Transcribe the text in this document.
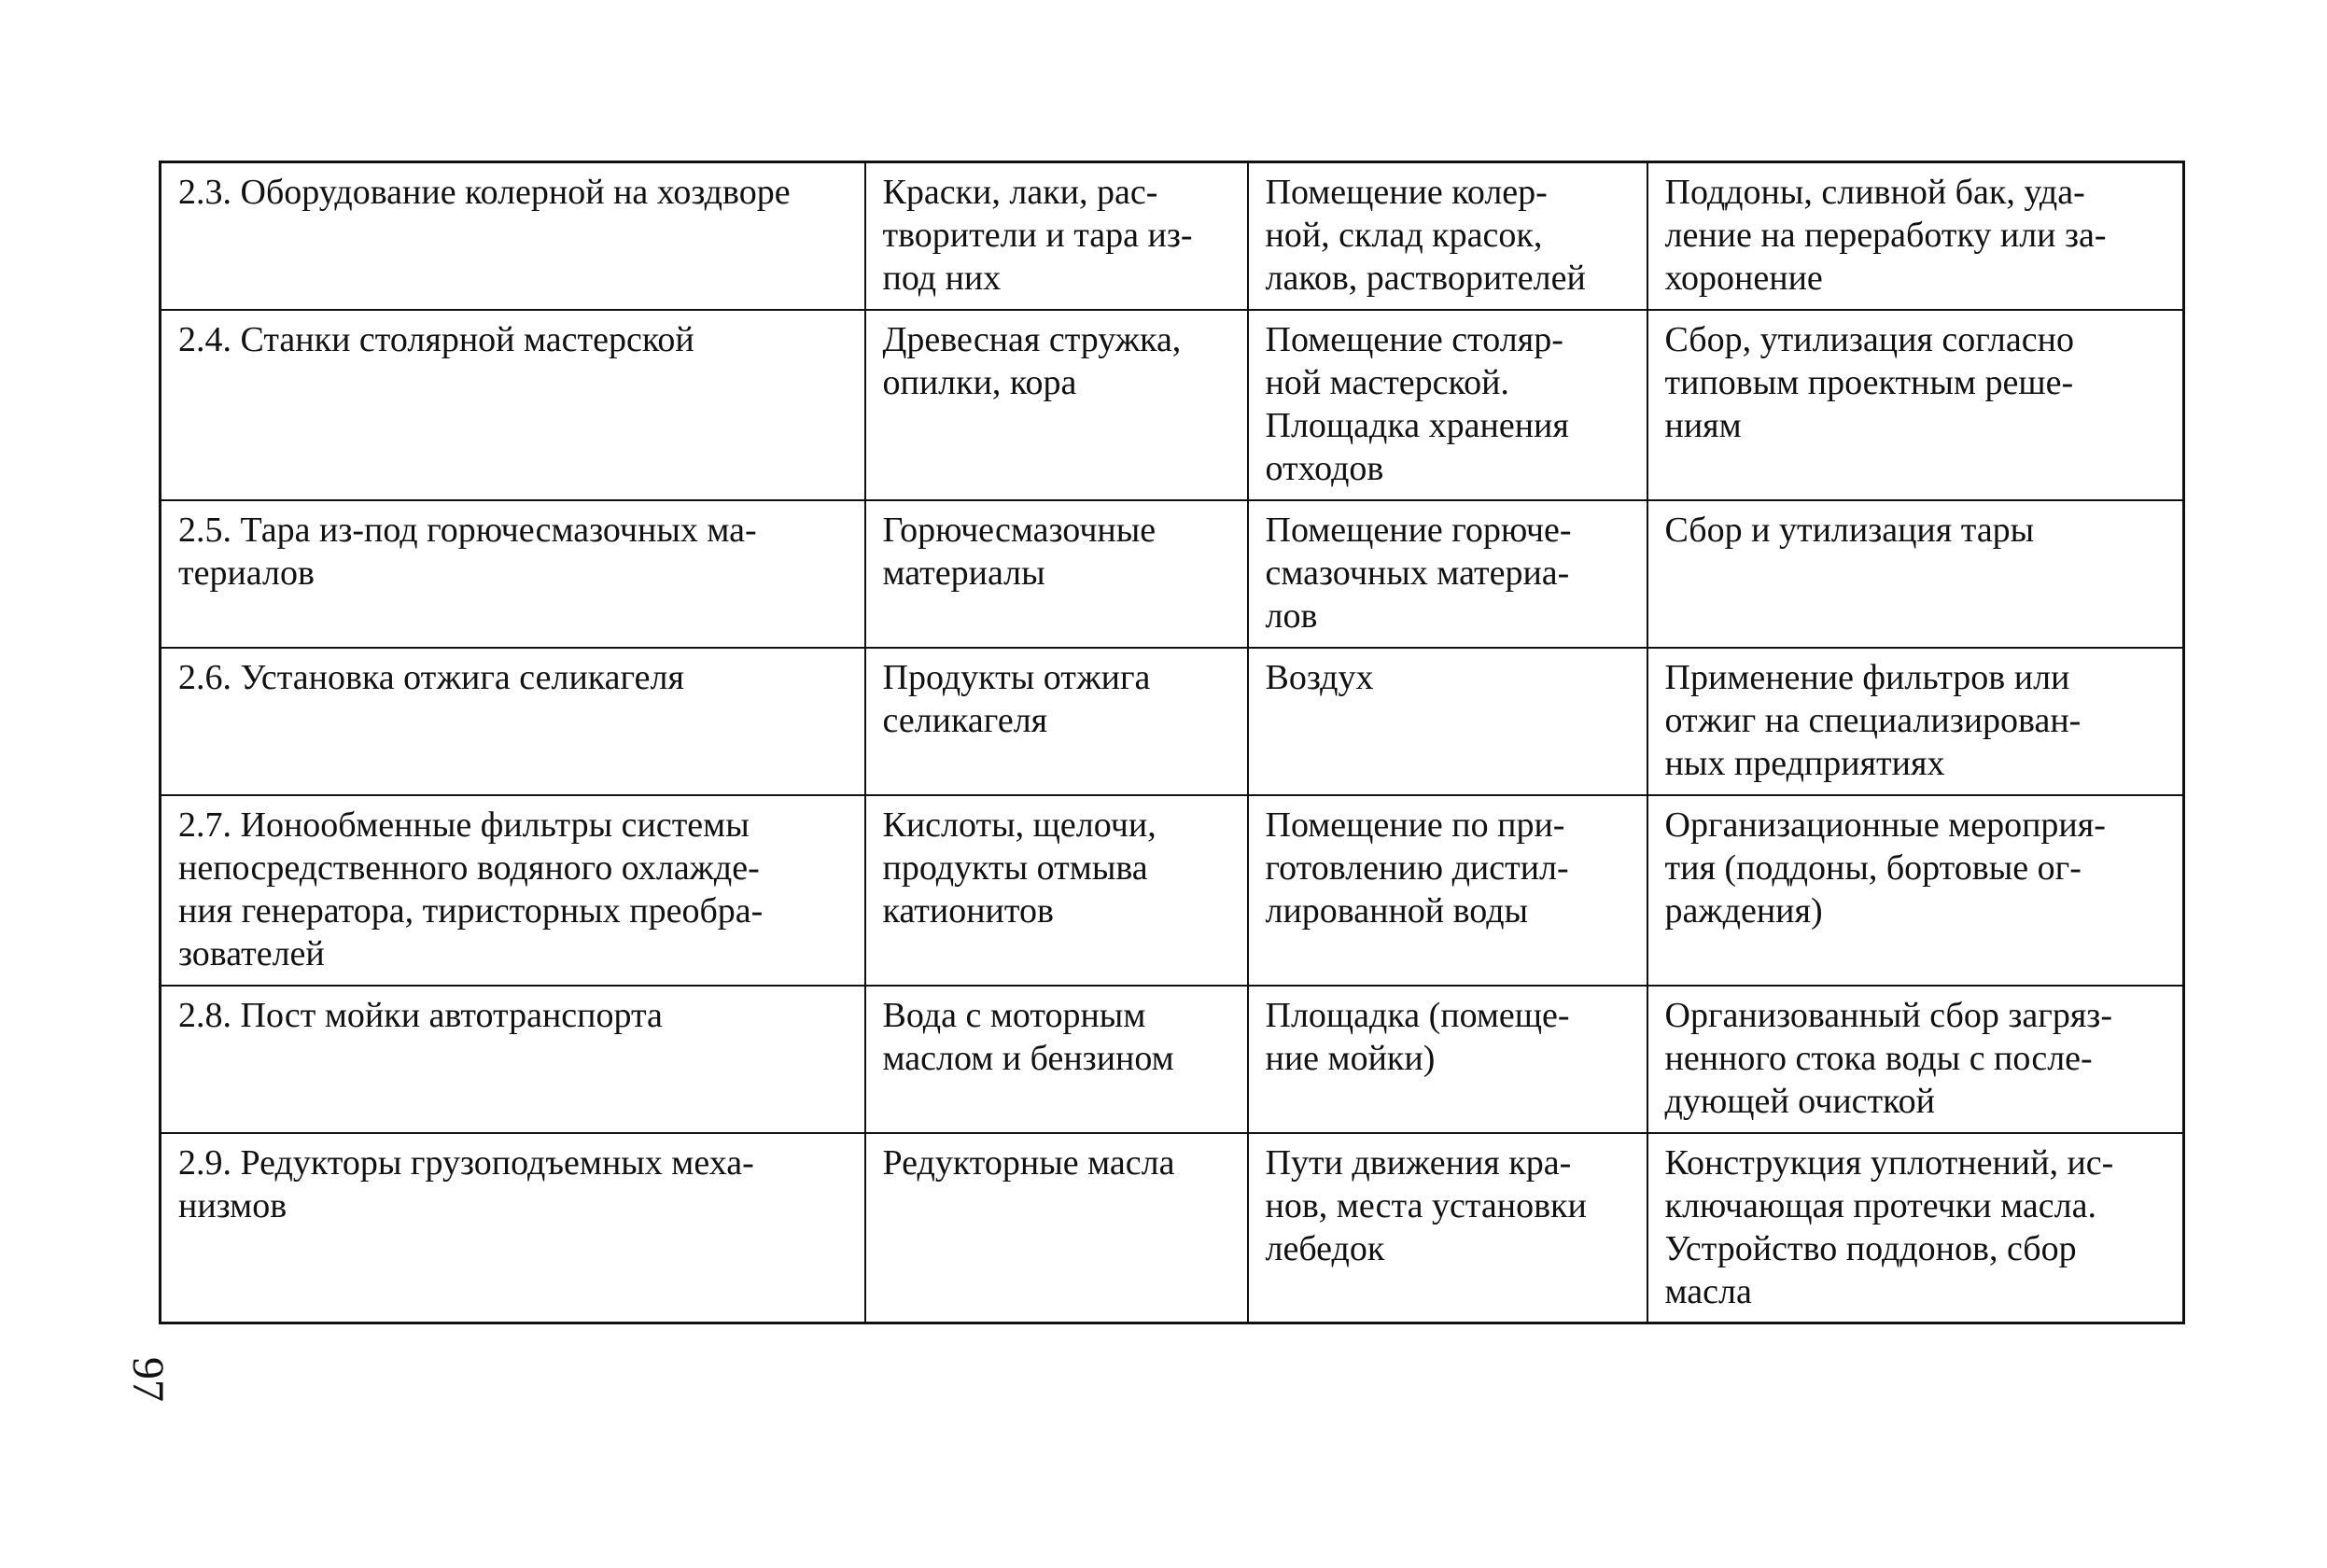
2.3. Оборудование колерной на хоздворе	Краски, лаки, рас-
творители и тара из-
под них	Помещение колер-
ной, склад красок,
лаков, растворителей	Поддоны, сливной бак, уда-
ление на переработку или за-
хоронение
2.4. Станки столярной мастерской	Древесная стружка,
опилки, кора	Помещение столяр-
ной мастерской.
Площадка хранения
отходов	Сбор, утилизация согласно
типовым проектным реше-
ниям
2.5. Тара из-под горючесмазочных ма-
териалов	Горючесмазочные
материалы	Помещение горюче-
смазочных материа-
лов	Сбор и утилизация тары
2.6. Установка отжига селикагеля	Продукты отжига
селикагеля	Воздух	Применение фильтров или
отжиг на специализирован-
ных предприятиях
2.7. Ионообменные фильтры системы
непосредственного водяного охлажде-
ния генератора, тиристорных преобра-
зователей	Кислоты, щелочи,
продукты отмыва
катионитов	Помещение по при-
готовлению дистил-
лированной воды	Организационные мероприя-
тия (поддоны, бортовые ог-
раждения)
2.8. Пост мойки автотранспорта	Вода с моторным
маслом и бензином	Площадка (помеще-
ние мойки)	Организованный сбор загряз-
ненного стока воды с после-
дующей очисткой
2.9. Редукторы грузоподъемных меха-
низмов	Редукторные масла	Пути движения кра-
нов, места установки
лебедок	Конструкция уплотнений, ис-
ключающая протечки масла.
Устройство поддонов, сбор
масла
97
